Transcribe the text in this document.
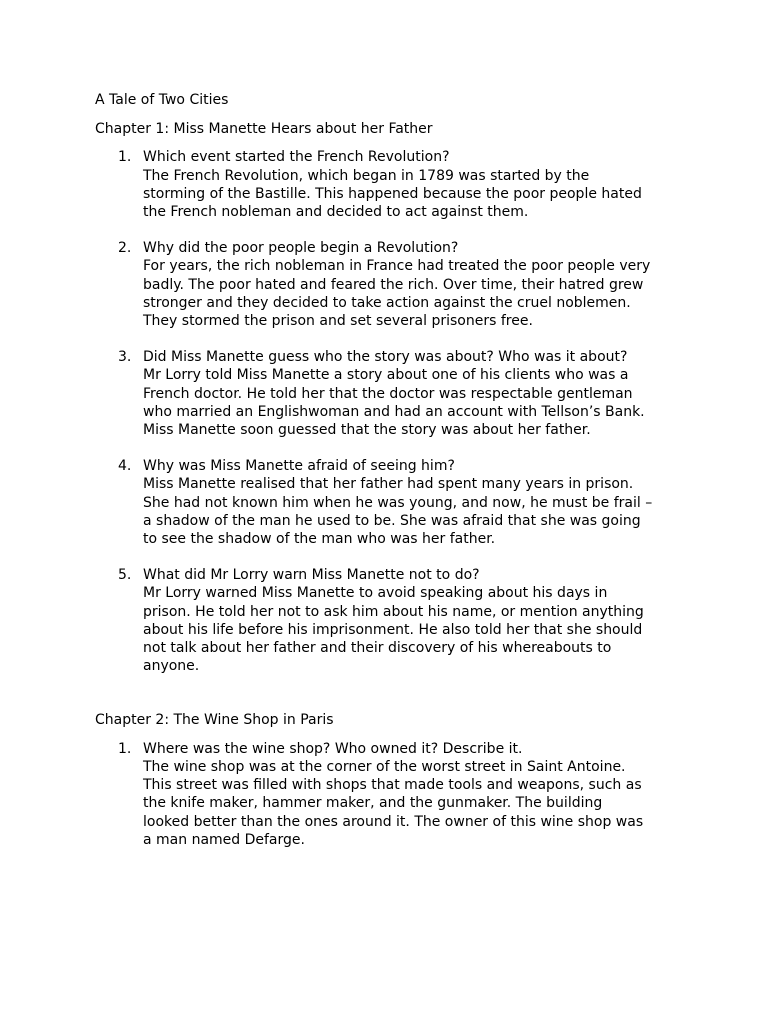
A Tale of Two Cities

Chapter 1: Miss Manette Hears about her Father

1. Which event started the French Revolution?

The French Revolution, which began in 1789 was started by the

storming of the Bastille. This happened because the poor people hated

the French nobleman and decided to act against them.

2. Why did the poor people begin a Revolution?

For years, the rich nobleman in France had treated the poor people very

badly. The poor hated and feared the rich. Over time, their hatred grew

stronger and they decided to take action against the cruel noblemen.

They stormed the prison and set several prisoners free.

3. Did Miss Manette guess who the story was about? Who was it about?

Mr Lorry told Miss Manette a story about one of his clients who was a

French doctor. He told her that the doctor was respectable gentleman

who married an Englishwoman and had an account with Tellson’s Bank.

Miss Manette soon guessed that the story was about her father.

4. Why was Miss Manette afraid of seeing him?

Miss Manette realised that her father had spent many years in prison.

She had not known him when he was young, and now, he must be frail –

a shadow of the man he used to be. She was afraid that she was going

to see the shadow of the man who was her father.

5. What did Mr Lorry warn Miss Manette not to do?

Mr Lorry warned Miss Manette to avoid speaking about his days in

prison. He told her not to ask him about his name, or mention anything

about his life before his imprisonment. He also told her that she should

not talk about her father and their discovery of his whereabouts to

anyone.

Chapter 2: The Wine Shop in Paris

1. Where was the wine shop? Who owned it? Describe it.

The wine shop was at the corner of the worst street in Saint Antoine.

This street was filled with shops that made tools and weapons, such as

the knife maker, hammer maker, and the gunmaker. The building

looked better than the ones around it. The owner of this wine shop was

a man named Defarge.
